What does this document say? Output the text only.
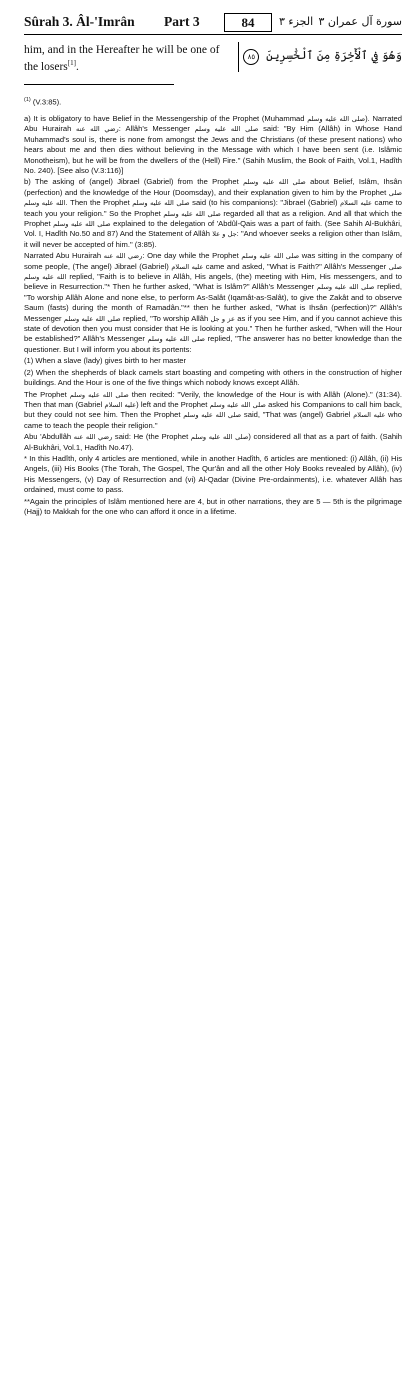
Sûrah 3. Âl-'Imrân Part 3	84	الجزء ٣ سورة آل عمران ٣
him, and in the Hereafter he will be one of the losers[1].
وَهُوَ فِي ٱلْأٓخِرَةِ مِنَ ٱلْخَٰسِرِينَ ٨٥

$^{(1)}$ (V.3:85).

a) It is obligatory to have Belief in the Messengership of the Prophet (Muhammad صلى الله عليه وسلم). Narrated Abu Hurairah رضي الله عنه: Allâh's Messenger صلى الله عليه وسلم said: "By Him (Allâh) in Whose Hand Muhammad's soul is, there is none from amongst the Jews and the Christians (of these present nations) who hears about me and then dies without believing in the Message with which I have been sent (i.e. Islâmic Monotheism), but he will be from the dwellers of the (Hell) Fire." (Sahih Muslim, the Book of Faith, Vol.1, Hadîth No. 240). [See also (V.3:116)]

b) The asking of (angel) Jibrael (Gabriel) from the Prophet صلى الله عليه وسلم about Belief, Islâm, Ihsân (perfection) and the knowledge of the Hour (Doomsday), and their explanation given to him by the Prophet صلى الله عليه وسلم. Then the Prophet صلى الله عليه وسلم said (to his companions): "Jibrael (Gabriel) عليه السلام came to teach you your religion." So the Prophet صلى الله عليه وسلم regarded all that as a religion. And all that which the Prophet صلى الله عليه وسلم explained to the delegation of 'Abdûl-Qais was a part of faith. (See Sahih Al-Bukhâri, Vol. I, Hadîth No.50 and 87) And the Statement of Allâh جل و علا: "And whoever seeks a religion other than Islâm, it will never be accepted of him." (3:85).

Narrated Abu Hurairah رضي الله عنه: One day while the Prophet صلى الله عليه وسلم was sitting in the company of some people, (The angel) Jibrael (Gabriel) عليه السلام came and asked, "What is Faith?" Allâh's Messenger صلى الله عليه وسلم replied, "Faith is to believe in Allâh, His angels, (the) meeting with Him, His messengers, and to believe in Resurrection."* Then he further asked, "What is Islâm?" Allâh's Messenger صلى الله عليه وسلم replied, "To worship Allâh Alone and none else, to perform As-Salât (Iqamât-as-Salât), to give the Zakât and to observe Saum (fasts) during the month of Ramadân."** then he further asked, "What is Ihsân (perfection)?" Allâh's Messenger صلى الله عليه وسلم replied, "To worship Allâh عز و جل as if you see Him, and if you cannot achieve this state of devotion then you must consider that He is looking at you." Then he further asked, "When will the Hour be established?" Allâh's Messenger صلى الله عليه وسلم replied, "The answerer has no better knowledge than the questioner. But I will inform you about its portents:

(1) When a slave (lady) gives birth to her master

(2) When the shepherds of black camels start boasting and competing with others in the construction of higher buildings. And the Hour is one of the five things which nobody knows except Allâh.

The Prophet صلى الله عليه وسلم then recited: "Verily, the knowledge of the Hour is with Allâh (Alone)." (31:34). Then that man (Gabriel عليه السلام) left and the Prophet صلى الله عليه وسلم asked his Companions to call him back, but they could not see him. Then the Prophet صلى الله عليه وسلم said, "That was (angel) Gabriel عليه السلام who came to teach the people their religion."

Abu 'Abdullâh رضي الله عنه said: He (the Prophet صلى الله عليه وسلم) considered all that as a part of faith. (Sahih Al-Bukhâri, Vol.1, Hadîth No.47).

* In this Hadîth, only 4 articles are mentioned, while in another Hadîth, 6 articles are mentioned: (i) Allâh, (ii) His Angels, (iii) His Books (The Torah, The Gospel, The Qur'ân and all the other Holy Books revealed by Allâh), (iv) His Messengers, (v) Day of Resurrection and (vi) Al-Qadar (Divine Pre-ordainments), i.e. whatever Allâh has ordained, must come to pass.

**Again the principles of Islâm mentioned here are 4, but in other narrations, they are 5 — 5th is the pilgrimage (Hajj) to Makkah for the one who can afford it once in a lifetime.
